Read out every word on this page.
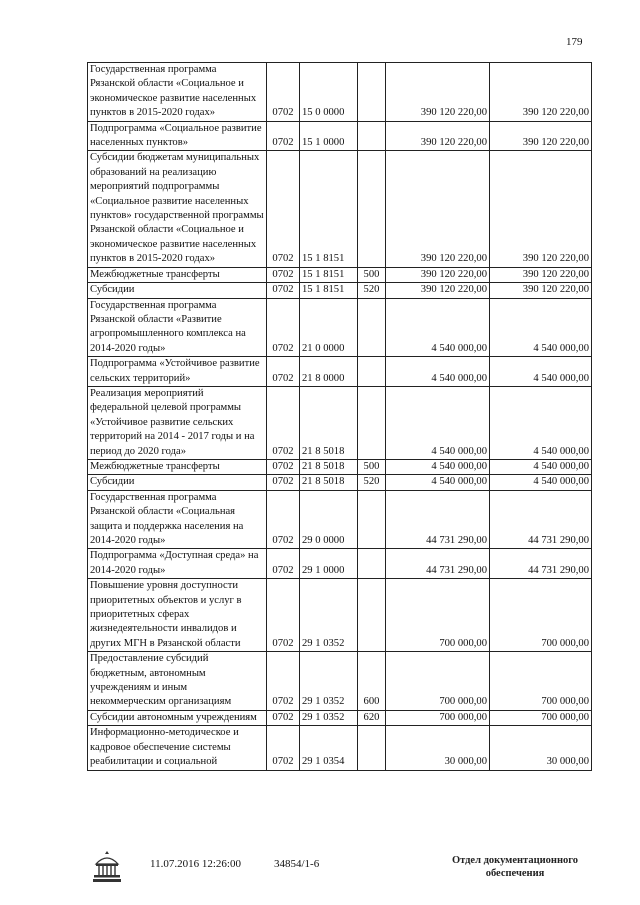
179
Государственная программа Рязанской области «Социальное и экономическое развитие населенных пунктов в 2015-2020 годах»	0702	15 0 0000		390 120 220,00	390 120 220,00
Подпрограмма «Социальное развитие населенных пунктов»	0702	15 1 0000		390 120 220,00	390 120 220,00
Субсидии бюджетам муниципальных образований на реализацию мероприятий подпрограммы «Социальное развитие населенных пунктов» государственной программы Рязанской области «Социальное и экономическое развитие населенных пунктов в 2015-2020 годах»	0702	15 1 8151		390 120 220,00	390 120 220,00
Межбюджетные трансферты	0702	15 1 8151	500	390 120 220,00	390 120 220,00
Субсидии	0702	15 1 8151	520	390 120 220,00	390 120 220,00
Государственная программа Рязанской области «Развитие агропромышленного комплекса на 2014-2020 годы»	0702	21 0 0000		4 540 000,00	4 540 000,00
Подпрограмма «Устойчивое развитие сельских территорий»	0702	21 8 0000		4 540 000,00	4 540 000,00
Реализация мероприятий федеральной целевой программы «Устойчивое развитие сельских территорий на 2014 - 2017 годы и на период до 2020 года»	0702	21 8 5018		4 540 000,00	4 540 000,00
Межбюджетные трансферты	0702	21 8 5018	500	4 540 000,00	4 540 000,00
Субсидии	0702	21 8 5018	520	4 540 000,00	4 540 000,00
Государственная программа Рязанской области «Социальная защита и поддержка населения на 2014-2020 годы»	0702	29 0 0000		44 731 290,00	44 731 290,00
Подпрограмма «Доступная среда» на 2014-2020 годы»	0702	29 1 0000		44 731 290,00	44 731 290,00
Повышение уровня доступности приоритетных объектов и услуг в приоритетных сферах жизнедеятельности инвалидов и других МГН в Рязанской области	0702	29 1 0352		700 000,00	700 000,00
Предоставление субсидий бюджетным, автономным учреждениям и иным некоммерческим организациям	0702	29 1 0352	600	700 000,00	700 000,00
Субсидии автономным учреждениям	0702	29 1 0352	620	700 000,00	700 000,00
Информационно-методическое и кадровое обеспечение системы реабилитации и социальной	0702	29 1 0354		30 000,00	30 000,00
11.07.2016 12:26:00	34854/1-6	Отдел документационного обеспечения
